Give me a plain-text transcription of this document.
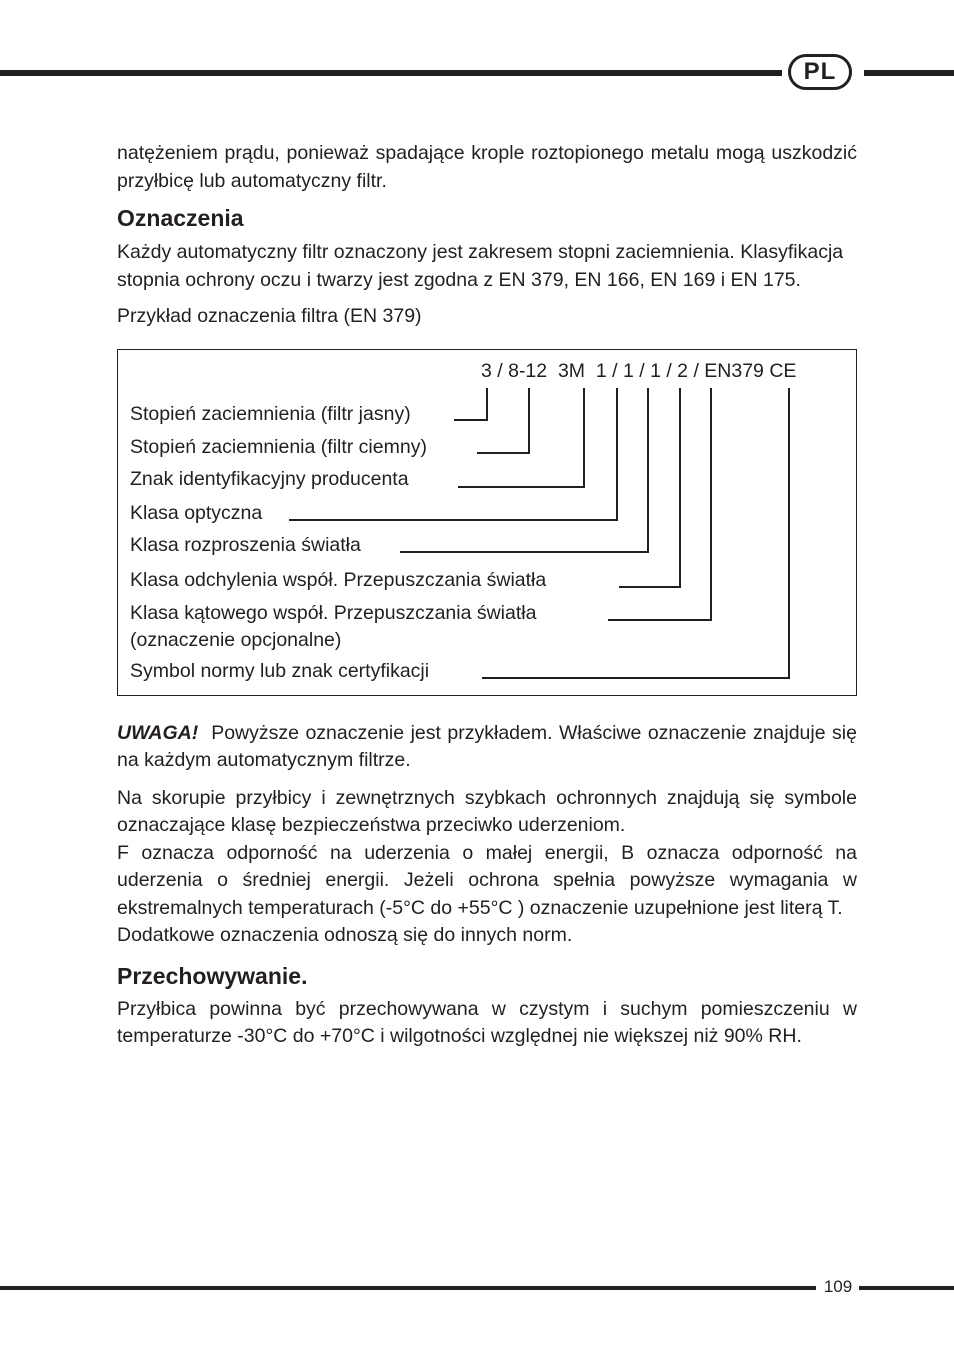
PL

natężeniem prądu, ponieważ spadające krople roztopionego metalu mogą uszkodzić przyłbicę lub automatyczny filtr.

Oznaczenia

Każdy automatyczny filtr oznaczony jest zakresem stopni zaciemnienia. Klasyfikacja stopnia ochrony oczu i twarzy jest zgodna z EN 379, EN 166, EN 169 i EN 175.

Przykład oznaczenia filtra (EN 379)

3 / 8-12  3M  1 / 1 / 1 / 2 / EN379 CE
Stopień zaciemnienia (filtr jasny)
Stopień zaciemnienia (filtr ciemny)
Znak identyfikacyjny producenta
Klasa optyczna
Klasa rozproszenia światła
Klasa odchylenia współ. Przepuszczania światła
Klasa kątowego współ. Przepuszczania światła
(oznaczenie opcjonalne)
Symbol normy lub znak certyfikacji

UWAGA! Powyższe oznaczenie jest przykładem. Właściwe oznaczenie znajduje się na każdym automatycznym filtrze.

Na skorupie przyłbicy i zewnętrznych szybkach ochronnych znajdują się symbole oznaczające klasę bezpieczeństwa przeciwko uderzeniom.

F oznacza odporność na uderzenia o małej energii, B oznacza odporność na uderzenia o średniej energii. Jeżeli ochrona spełnia powyższe wymagania w ekstremalnych temperaturach (-5°C do +55°C ) oznaczenie uzupełnione jest literą T.

Dodatkowe oznaczenia odnoszą się do innych norm.

Przechowywanie.

Przyłbica powinna być przechowywana w czystym i suchym pomieszczeniu w temperaturze -30°C do +70°C i wilgotności względnej nie większej niż 90% RH.

109
